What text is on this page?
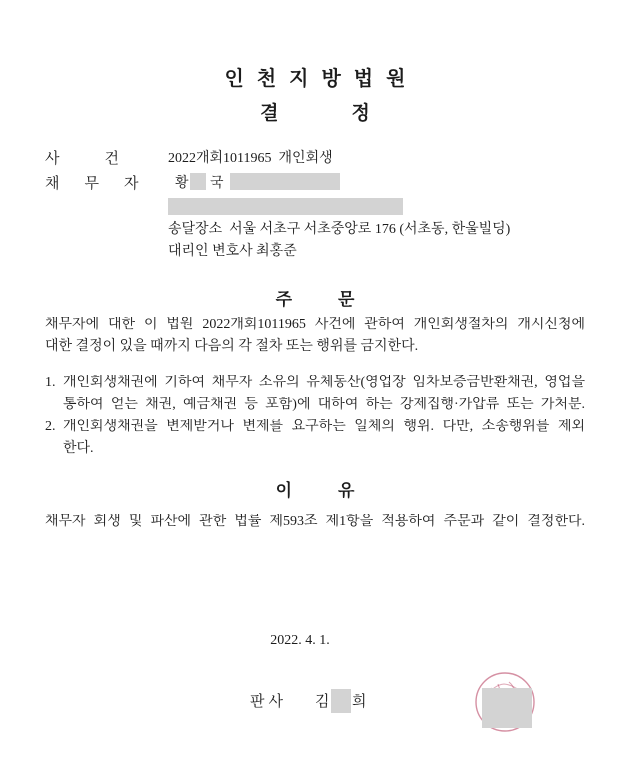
인천지방법원
결정
사건 2022개회1011965  개인회생
채무자 황 국
송달장소  서울 서초구 서초중앙로 176 (서초동, 한울빌딩)
대리인 변호사 최홍준
주문
채무자에 대한 이 법원 2022개회1011965 사건에 관하여 개인회생절차의 개시신청에
대한 결정이 있을 때까지 다음의 각 절차 또는 행위를 금지한다.
1. 개인회생채권에 기하여 채무자 소유의 유체동산(영업장 임차보증금반환채권, 영업을
통하여 얻는 채권, 예금채권 등 포함)에 대하여 하는 강제집행·가압류 또는 가처분.
2. 개인회생채권을 변제받거나 변제를 요구하는 일체의 행위. 다만, 소송행위를 제외
한다.
이유
채무자 회생 및 파산에 관한 법률 제593조 제1항을 적용하여 주문과 같이 결정한다.
2022. 4. 1.
판사 김 희
